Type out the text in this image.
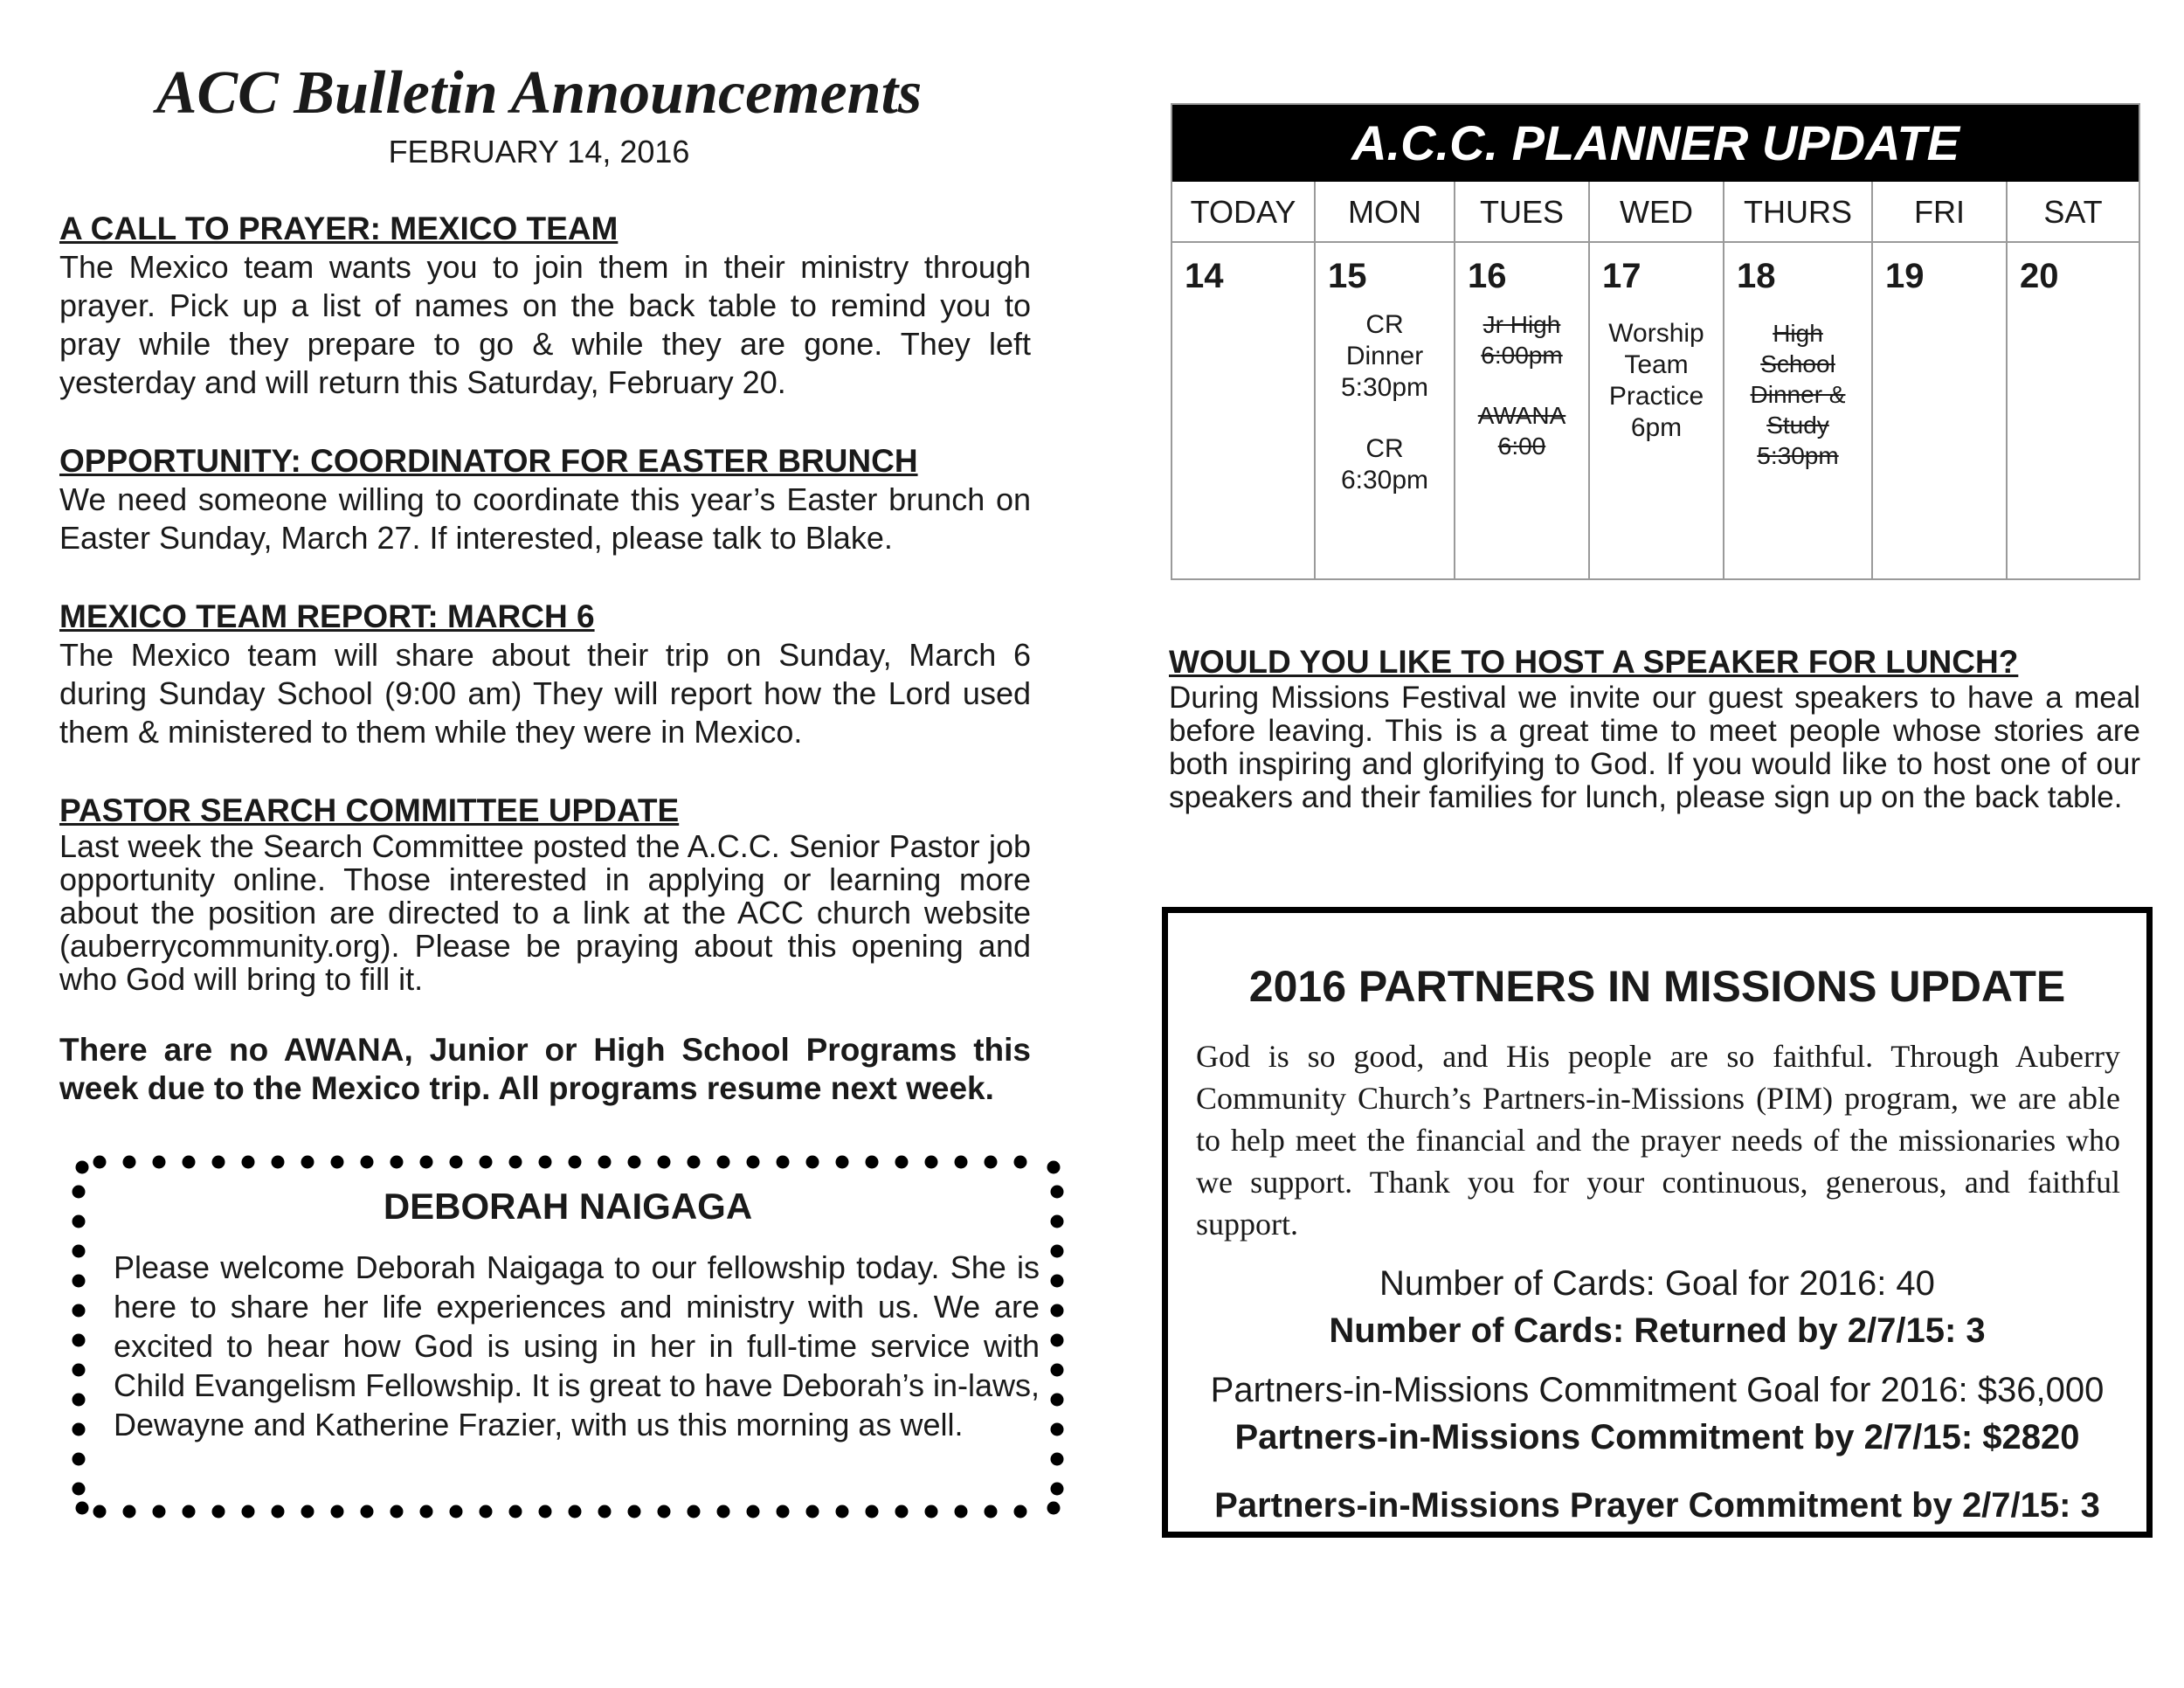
ACC Bulletin Announcements
FEBRUARY 14, 2016

A CALL TO PRAYER: MEXICO TEAM

The Mexico team wants you to join them in their ministry through prayer. Pick up a list of names on the back table to remind you to pray while they prepare to go & while they are gone. They left yesterday and will return this Saturday, February 20.

OPPORTUNITY: COORDINATOR FOR EASTER BRUNCH

We need someone willing to coordinate this year’s Easter brunch on Easter Sunday, March 27. If interested, please talk to Blake.

MEXICO TEAM REPORT: MARCH 6

The Mexico team will share about their trip on Sunday, March 6 during Sunday School (9:00 am) They will report how the Lord used them & ministered to them while they were in Mexico.

PASTOR SEARCH COMMITTEE UPDATE

Last week the Search Committee posted the A.C.C. Senior Pastor job opportunity online. Those interested in applying or learning more about the position are directed to a link at the ACC church website (auberrycommunity.org). Please be praying about this opening and who God will bring to fill it.

There are no AWANA, Junior or High School Programs this week due to the Mexico trip. All programs resume next week.

DEBORAH NAIGAGA

Please welcome Deborah Naigaga to our fellowship today. She is here to share her life experiences and ministry with us. We are excited to hear how God is using in her in full-time service with Child Evangelism Fellowship. It is great to have Deborah’s in-laws, Dewayne and Katherine Frazier, with us this morning as well.

A.C.C. PLANNER UPDATE
TODAY
14
MON
15
CR
Dinner
5:30pm
CR
6:30pm
TUES
16
Jr High
6:00pm
AWANA
6:00
WED
17
Worship
Team
Practice
6pm
THURS
18
High
School
Dinner &
Study
5:30pm
FRI
19
SAT
20

WOULD YOU LIKE TO HOST A SPEAKER FOR LUNCH?

During Missions Festival we invite our guest speakers to have a meal before leaving. This is a great time to meet people whose stories are both inspiring and glorifying to God. If you would like to host one of our speakers and their families for lunch, please sign up on the back table.

2016 PARTNERS IN MISSIONS UPDATE

God is so good, and His people are so faithful. Through Auberry Community Church’s Partners-in-Missions (PIM) program, we are able to help meet the financial and the prayer needs of the missionaries who we support. Thank you for your continuous, generous, and faithful support.

Number of Cards: Goal for 2016: 40

Number of Cards: Returned by 2/7/15: 3

Partners-in-Missions Commitment Goal for 2016: $36,000

Partners-in-Missions Commitment by 2/7/15: $2820

Partners-in-Missions Prayer Commitment by 2/7/15: 3
